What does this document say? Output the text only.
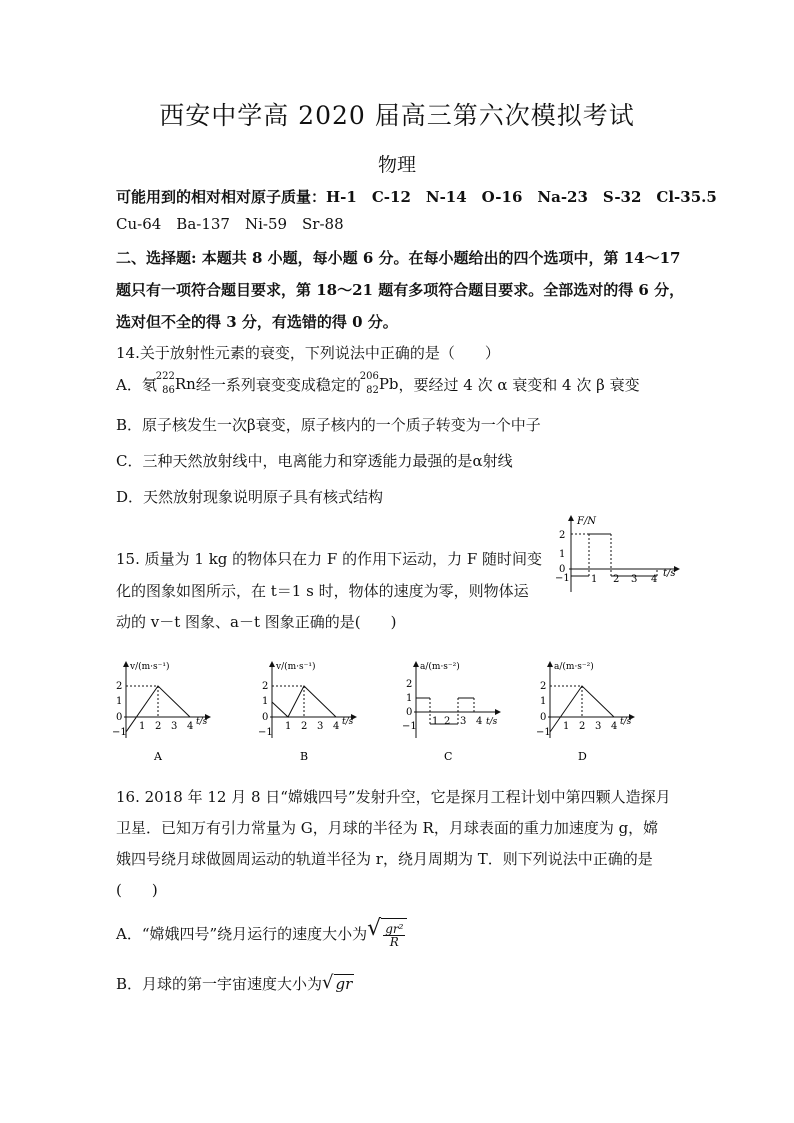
西安中学高 2020 届高三第六次模拟考试
物理
可能用到的相对相对原子质量：H-1　C-12　N-14　O-16　Na-23　S-32　Cl-35.5
Cu-64　Ba-137　Ni-59　Sr-88
二、选择题: 本题共 8 小题，每小题 6 分。在每小题给出的四个选项中，第 14～17
题只有一项符合题目要求，第 18～21 题有多项符合题目要求。全部选对的得 6 分，
选对但不全的得 3 分，有选错的得 0 分。
14.关于放射性元素的衰变，下列说法中正确的是（　　）
A．氡
222
86 Rn 经一系列衰变变成稳定的
206
82 Pb ，要经过 4 次 α 衰变和 4 次 β 衰变
B．原子核发生一次β衰变，原子核内的一个质子转变为一个中子
C．三种天然放射线中，电离能力和穿透能力最强的是α射线
D．天然放射现象说明原子具有核式结构
15. 质量为 1 kg 的物体只在力 F 的作用下运动，力 F 随时间变
化的图象如图所示，在 t＝1 s 时，物体的速度为零，则物体运
动的 v－t 图象、a－t 图象正确的是(　　)
F/N
t/s
2
1
0
−1 1 2 3 4
v/(m·s⁻¹)
t/s
2
1
0
−1
1 2 3 4
A
v/(m·s⁻¹)
t/s
2
1
0
−1
1 2 3 4
B
a/(m·s⁻²)
t/s
2
1
0
−1 1 2 3 4
C
a/(m·s⁻²)
t/s
2
1
0
−1
1 2 3 4
D
16. 2018 年 12 月 8 日“嫦娥四号”发射升空，它是探月工程计划中第四颗人造探月
卫星．已知万有引力常量为 G，月球的半径为 R，月球表面的重力加速度为 g，嫦
娥四号绕月球做圆周运动的轨道半径为 r，绕月周期为 T．则下列说法中正确的是
(　　)
A．“嫦娥四号”绕月运行的速度大小为 √ $\frac{\text{gr²}}{R}$
B．月球的第一宇宙速度大小为 √ gr
